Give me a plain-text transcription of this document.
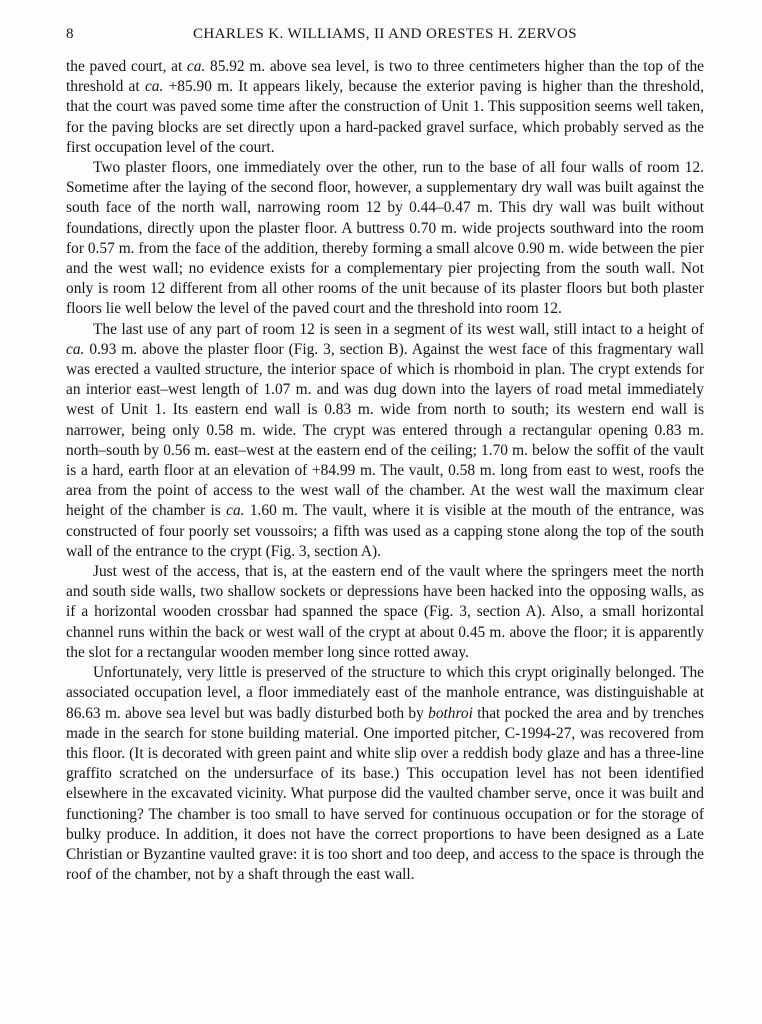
8	CHARLES K. WILLIAMS, II AND ORESTES H. ZERVOS

the paved court, at ca. 85.92 m. above sea level, is two to three centimeters higher than the top of the threshold at ca. +85.90 m. It appears likely, because the exterior paving is higher than the threshold, that the court was paved some time after the construction of Unit 1. This supposition seems well taken, for the paving blocks are set directly upon a hard-packed gravel surface, which probably served as the first occupation level of the court.

Two plaster floors, one immediately over the other, run to the base of all four walls of room 12. Sometime after the laying of the second floor, however, a supplementary dry wall was built against the south face of the north wall, narrowing room 12 by 0.44–0.47 m. This dry wall was built without foundations, directly upon the plaster floor. A buttress 0.70 m. wide projects southward into the room for 0.57 m. from the face of the addition, thereby forming a small alcove 0.90 m. wide between the pier and the west wall; no evidence exists for a complementary pier projecting from the south wall. Not only is room 12 different from all other rooms of the unit because of its plaster floors but both plaster floors lie well below the level of the paved court and the threshold into room 12.

The last use of any part of room 12 is seen in a segment of its west wall, still intact to a height of ca. 0.93 m. above the plaster floor (Fig. 3, section B). Against the west face of this fragmentary wall was erected a vaulted structure, the interior space of which is rhomboid in plan. The crypt extends for an interior east–west length of 1.07 m. and was dug down into the layers of road metal immediately west of Unit 1. Its eastern end wall is 0.83 m. wide from north to south; its western end wall is narrower, being only 0.58 m. wide. The crypt was entered through a rectangular opening 0.83 m. north–south by 0.56 m. east–west at the eastern end of the ceiling; 1.70 m. below the soffit of the vault is a hard, earth floor at an elevation of +84.99 m. The vault, 0.58 m. long from east to west, roofs the area from the point of access to the west wall of the chamber. At the west wall the maximum clear height of the chamber is ca. 1.60 m. The vault, where it is visible at the mouth of the entrance, was constructed of four poorly set voussoirs; a fifth was used as a capping stone along the top of the south wall of the entrance to the crypt (Fig. 3, section A).

Just west of the access, that is, at the eastern end of the vault where the springers meet the north and south side walls, two shallow sockets or depressions have been hacked into the opposing walls, as if a horizontal wooden crossbar had spanned the space (Fig. 3, section A). Also, a small horizontal channel runs within the back or west wall of the crypt at about 0.45 m. above the floor; it is apparently the slot for a rectangular wooden member long since rotted away.

Unfortunately, very little is preserved of the structure to which this crypt originally belonged. The associated occupation level, a floor immediately east of the manhole entrance, was distinguishable at 86.63 m. above sea level but was badly disturbed both by bothroi that pocked the area and by trenches made in the search for stone building material. One imported pitcher, C-1994-27, was recovered from this floor. (It is decorated with green paint and white slip over a reddish body glaze and has a three-line graffito scratched on the undersurface of its base.) This occupation level has not been identified elsewhere in the excavated vicinity. What purpose did the vaulted chamber serve, once it was built and functioning? The chamber is too small to have served for continuous occupation or for the storage of bulky produce. In addition, it does not have the correct proportions to have been designed as a Late Christian or Byzantine vaulted grave: it is too short and too deep, and access to the space is through the roof of the chamber, not by a shaft through the east wall.
